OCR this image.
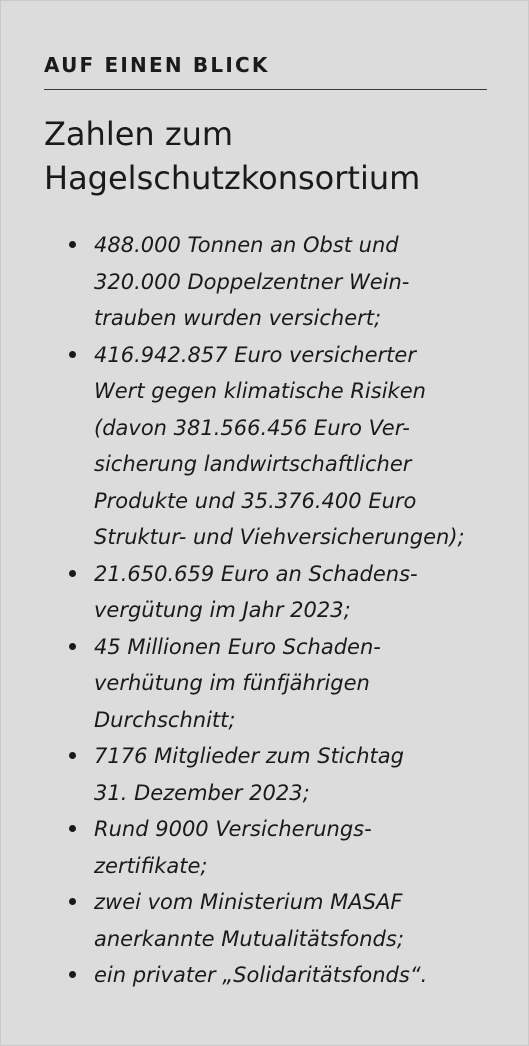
AUF EINEN BLICK
Zahlen zum
Hagelschutzkonsortium
488.000 Tonnen an Obst und
320.000 Doppelzentner Wein-
trauben wurden versichert;
416.942.857 Euro versicherter
Wert gegen klimatische Risiken
(davon 381.566.456 Euro Ver-
sicherung landwirtschaftlicher
Produkte und 35.376.400 Euro
Struktur- und Viehversicherungen);
21.650.659 Euro an Schadens-
vergütung im Jahr 2023;
45 Millionen Euro Schaden-
verhütung im fünfjährigen
Durchschnitt;
7176 Mitglieder zum Stichtag
31. Dezember 2023;
Rund 9000 Versicherungs-
zertifikate;
zwei vom Ministerium MASAF
anerkannte Mutualitätsfonds;
ein privater „Solidaritätsfonds“.
